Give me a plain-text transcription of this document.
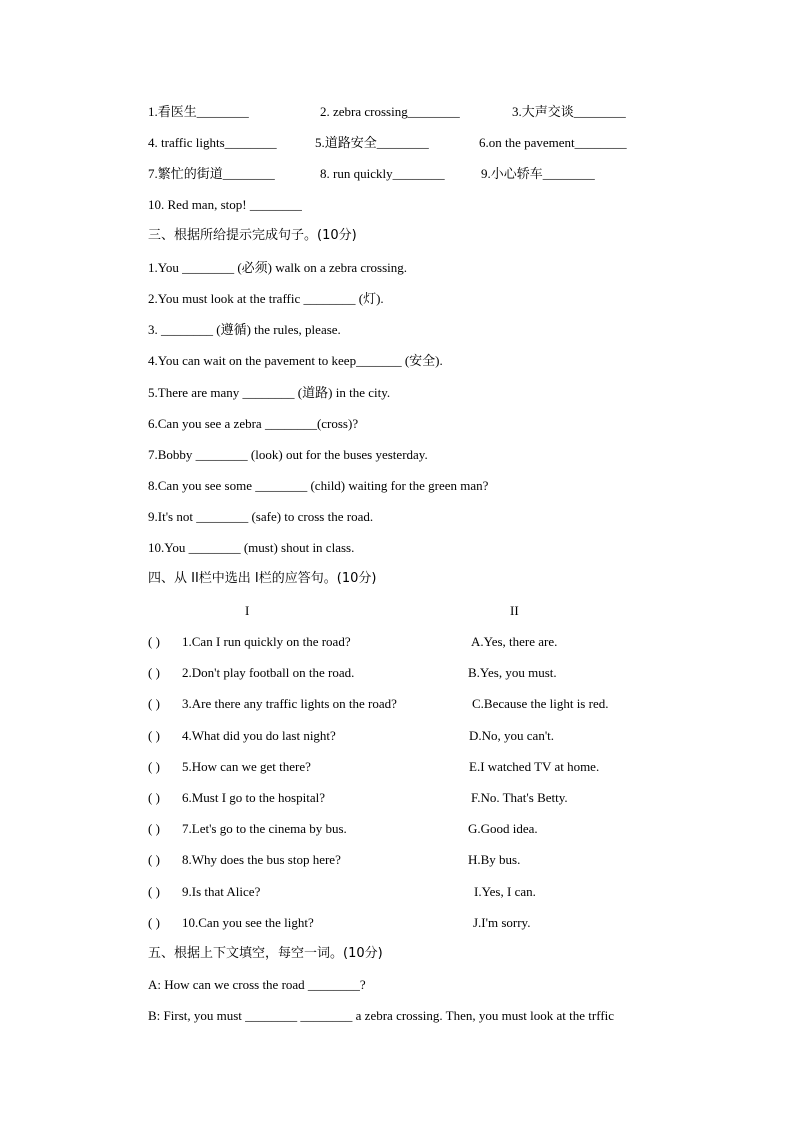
1.看医生________	2. zebra crossing________	3.大声交谈________
4. traffic lights________	5.道路安全________	6.on the pavement________
7.繁忙的街道________	8. run quickly________	9.小心轿车________
10. Red man, stop! ________
三、根据所给提示完成句子。(10分)
1.You ________ (必须) walk on a zebra crossing.
2.You must look at the traffic ________ (灯).
3. ________ (遵循) the rules, please.
4.You can wait on the pavement to keep_______ (安全).
5.There are many ________ (道路) in the city.
6.Can you see a zebra ________(cross)?
7.Bobby ________ (look) out for the buses yesterday.
8.Can you see some ________ (child) waiting for the green man?
9.It's not ________ (safe) to cross the road.
10.You ________ (must) shout in class.
四、从 II栏中选出 I栏的应答句。(10分)
I	II
( ) 1.Can I run quickly on the road?	A.Yes, there are.
( ) 2.Don't play football on the road.	B.Yes, you must.
( ) 3.Are there any traffic lights on the road?	C.Because the light is red.
( ) 4.What did you do last night?	D.No, you can't.
( ) 5.How can we get there?	E.I watched TV at home.
( ) 6.Must I go to the hospital?	F.No. That's Betty.
( ) 7.Let's go to the cinema by bus.	G.Good idea.
( ) 8.Why does the bus stop here?	H.By bus.
( ) 9.Is that Alice?	I.Yes, I can.
( ) 10.Can you see the light?	J.I'm sorry.
五、根据上下文填空，每空一词。(10分)
A: How can we cross the road ________?
B: First, you must ________ ________ a zebra crossing. Then, you must look at the trffic
